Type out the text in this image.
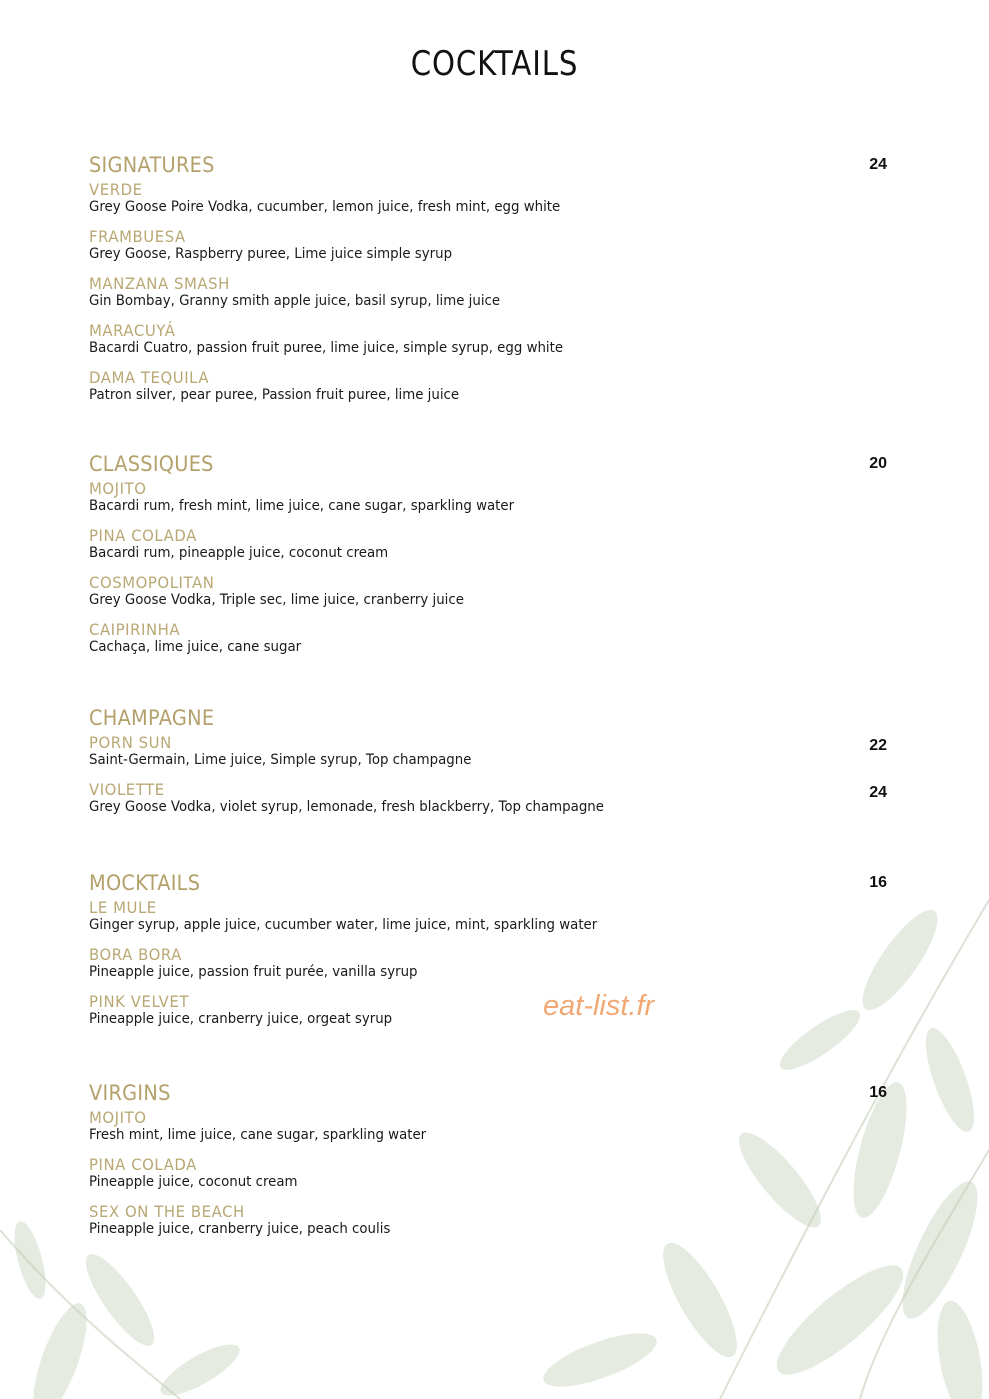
COCKTAILS
SIGNATURES	24
VERDE
Grey Goose Poire Vodka, cucumber, lemon juice, fresh mint, egg white
FRAMBUESA
Grey Goose, Raspberry puree, Lime juice simple syrup
MANZANA SMASH
Gin Bombay, Granny smith apple juice, basil syrup, lime juice
MARACUYÁ
Bacardi Cuatro, passion fruit puree, lime juice, simple syrup, egg white
DAMA TEQUILA
Patron silver, pear puree, Passion fruit puree, lime juice
CLASSIQUES	20
MOJITO
Bacardi rum, fresh mint, lime juice, cane sugar, sparkling water
PINA COLADA
Bacardi rum, pineapple juice, coconut cream
COSMOPOLITAN
Grey Goose Vodka, Triple sec, lime juice, cranberry juice
CAIPIRINHA
Cachaça, lime juice, cane sugar
CHAMPAGNE
PORN SUN
Saint-Germain, Lime juice, Simple syrup, Top champagne
22
VIOLETTE
Grey Goose Vodka, violet syrup, lemonade, fresh blackberry, Top champagne
24
MOCKTAILS	16
LE MULE
Ginger syrup, apple juice, cucumber water, lime juice, mint, sparkling water
BORA BORA
Pineapple juice, passion fruit purée, vanilla syrup
PINK VELVET
Pineapple juice, cranberry juice, orgeat syrup
VIRGINS	16
MOJITO
Fresh mint, lime juice, cane sugar, sparkling water
PINA COLADA
Pineapple juice, coconut cream
SEX ON THE BEACH
Pineapple juice, cranberry juice, peach coulis
eat-list.fr
